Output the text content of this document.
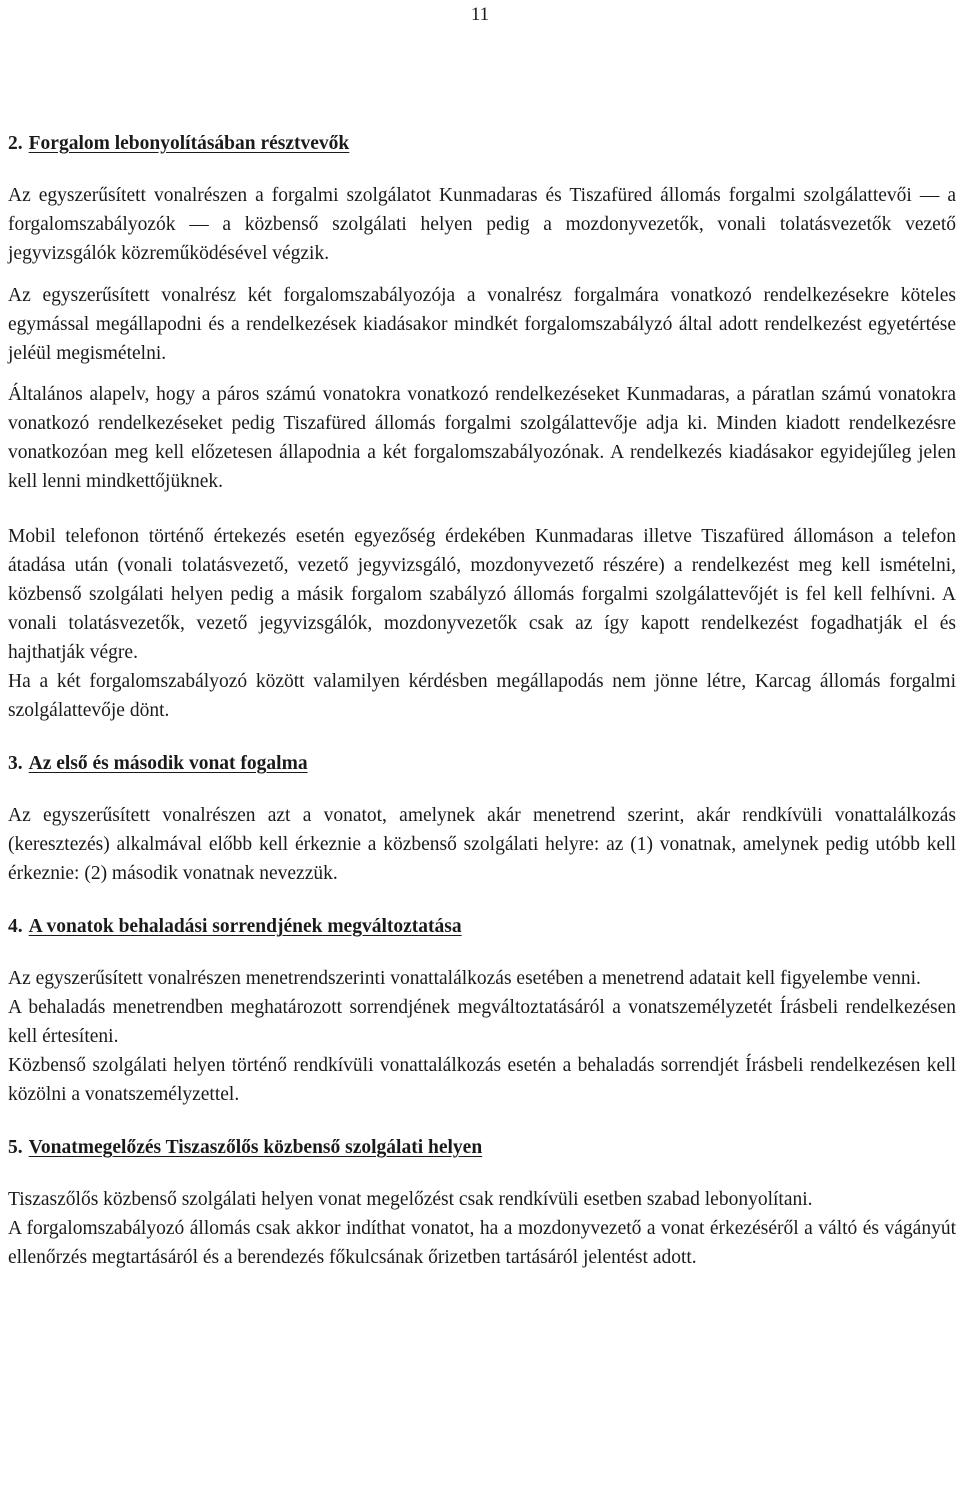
11
2. Forgalom lebonyolításában résztvevők

Az egyszerűsített vonalrészen a forgalmi szolgálatot Kunmadaras és Tiszafüred állomás forgalmi szolgálattevői — a forgalomszabályozók — a közbenső szolgálati helyen pedig a mozdonyvezetők, vonali tolatásvezetők vezető jegyvizsgálók közreműködésével végzik.

Az egyszerűsített vonalrész két forgalomszabályozója a vonalrész forgalmára vonatkozó rendelkezésekre köteles egymással megállapodni és a rendelkezések kiadásakor mindkét forgalomszabályzó által adott rendelkezést egyetértése jeléül megismételni.

Általános alapelv, hogy a páros számú vonatokra vonatkozó rendelkezéseket Kunmadaras, a páratlan számú vonatokra vonatkozó rendelkezéseket pedig Tiszafüred állomás forgalmi szolgálattevője adja ki. Minden kiadott rendelkezésre vonatkozóan meg kell előzetesen állapodnia a két forgalomszabályozónak. A rendelkezés kiadásakor egyidejűleg jelen kell lenni mindkettőjüknek.

Mobil telefonon történő értekezés esetén egyezőség érdekében Kunmadaras illetve Tiszafüred állomáson a telefon átadása után (vonali tolatásvezető, vezető jegyvizsgáló, mozdonyvezető részére) a rendelkezést meg kell ismételni, közbenső szolgálati helyen pedig a másik forgalom szabályzó állomás forgalmi szolgálattevőjét is fel kell felhívni. A vonali tolatásvezetők, vezető jegyvizsgálók, mozdonyvezetők csak az így kapott rendelkezést fogadhatják el és hajthatják végre.

Ha a két forgalomszabályozó között valamilyen kérdésben megállapodás nem jönne létre, Karcag állomás forgalmi szolgálattevője dönt.

3. Az első és második vonat fogalma

Az egyszerűsített vonalrészen azt a vonatot, amelynek akár menetrend szerint, akár rendkívüli vonattalálkozás (keresztezés) alkalmával előbb kell érkeznie a közbenső szolgálati helyre: az (1) vonatnak, amelynek pedig utóbb kell érkeznie: (2) második vonatnak nevezzük.

4. A vonatok behaladási sorrendjének megváltoztatása

Az egyszerűsített vonalrészen menetrendszerinti vonattalálkozás esetében a menetrend adatait kell figyelembe venni.

A behaladás menetrendben meghatározott sorrendjének megváltoztatásáról a vonatszemélyzetét Írásbeli rendelkezésen kell értesíteni.

Közbenső szolgálati helyen történő rendkívüli vonattalálkozás esetén a behaladás sorrendjét Írásbeli rendelkezésen kell közölni a vonatszemélyzettel.

5. Vonatmegelőzés Tiszaszőlős közbenső szolgálati helyen

Tiszaszőlős közbenső szolgálati helyen vonat megelőzést csak rendkívüli esetben szabad lebonyolítani.

A forgalomszabályozó állomás csak akkor indíthat vonatot, ha a mozdonyvezető a vonat érkezéséről a váltó és vágányút ellenőrzés megtartásáról és a berendezés főkulcsának őrizetben tartásáról jelentést adott.
